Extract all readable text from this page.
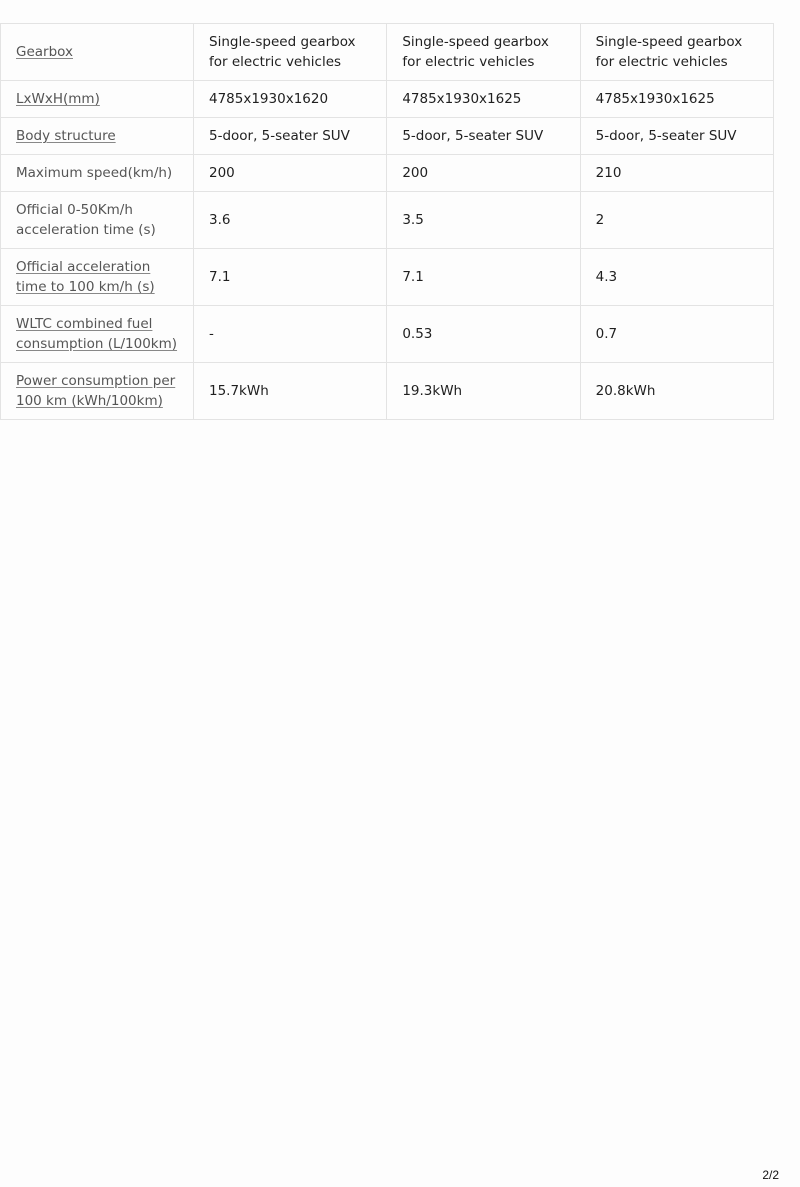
Gearbox	Single-speed gearbox for electric vehicles	Single-speed gearbox for electric vehicles	Single-speed gearbox for electric vehicles
LxWxH(mm)	4785x1930x1620	4785x1930x1625	4785x1930x1625
Body structure	5-door, 5-seater SUV	5-door, 5-seater SUV	5-door, 5-seater SUV
Maximum speed(km/h)	200	200	210
Official 0-50Km/h acceleration time (s)	3.6	3.5	2
Official acceleration time to 100 km/h (s)	7.1	7.1	4.3
WLTC combined fuel consumption (L/100km)	-	0.53	0.7
Power consumption per 100 km (kWh/100km)	15.7kWh	19.3kWh	20.8kWh
2/2
